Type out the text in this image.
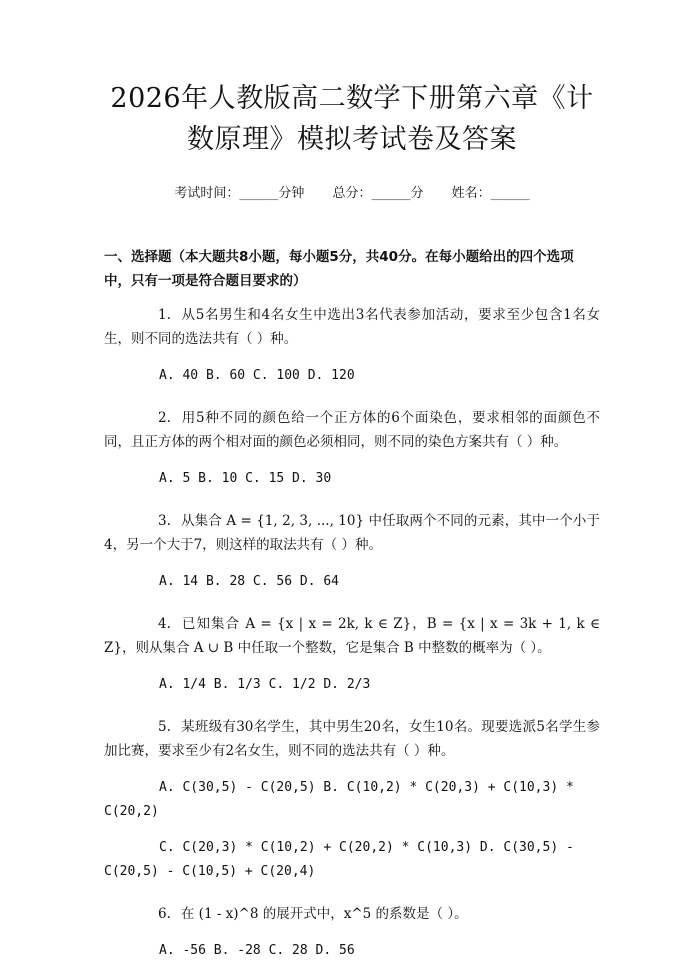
2026年人教版高二数学下册第六章《计数原理》模拟考试卷及答案
考试时间：______分钟 总分：______分 姓名：______
一、选择题（本大题共8小题，每小题5分，共40分。在每小题给出的四个选项中，只有一项是符合题目要求的）
1. 从5名男生和4名女生中选出3名代表参加活动，要求至少包含1名女生，则不同的选法共有（ ）种。
A. 40 B. 60 C. 100 D. 120
2. 用5种不同的颜色给一个正方体的6个面染色，要求相邻的面颜色不同，且正方体的两个相对面的颜色必须相同，则不同的染色方案共有（ ）种。
A. 5 B. 10 C. 15 D. 30
3. 从集合 A = {1, 2, 3, ..., 10} 中任取两个不同的元素，其中一个小于4，另一个大于7，则这样的取法共有（ ）种。
A. 14 B. 28 C. 56 D. 64
4. 已知集合 A = {x | x = 2k, k ∈ Z}，B = {x | x = 3k + 1, k ∈ Z}，则从集合 A ∪ B 中任取一个整数，它是集合 B 中整数的概率为（ ）。
A. 1/4 B. 1/3 C. 1/2 D. 2/3
5. 某班级有30名学生，其中男生20名，女生10名。现要选派5名学生参加比赛，要求至少有2名女生，则不同的选法共有（ ）种。
A. C(30,5) - C(20,5) B. C(10,2) * C(20,3) + C(10,3) * C(20,2)
C. C(20,3) * C(10,2) + C(20,2) * C(10,3) D. C(30,5) - C(20,5) - C(10,5) + C(20,4)
6. 在 (1 - x)^8 的展开式中，x^5 的系数是（ ）。
A. -56 B. -28 C. 28 D. 56
